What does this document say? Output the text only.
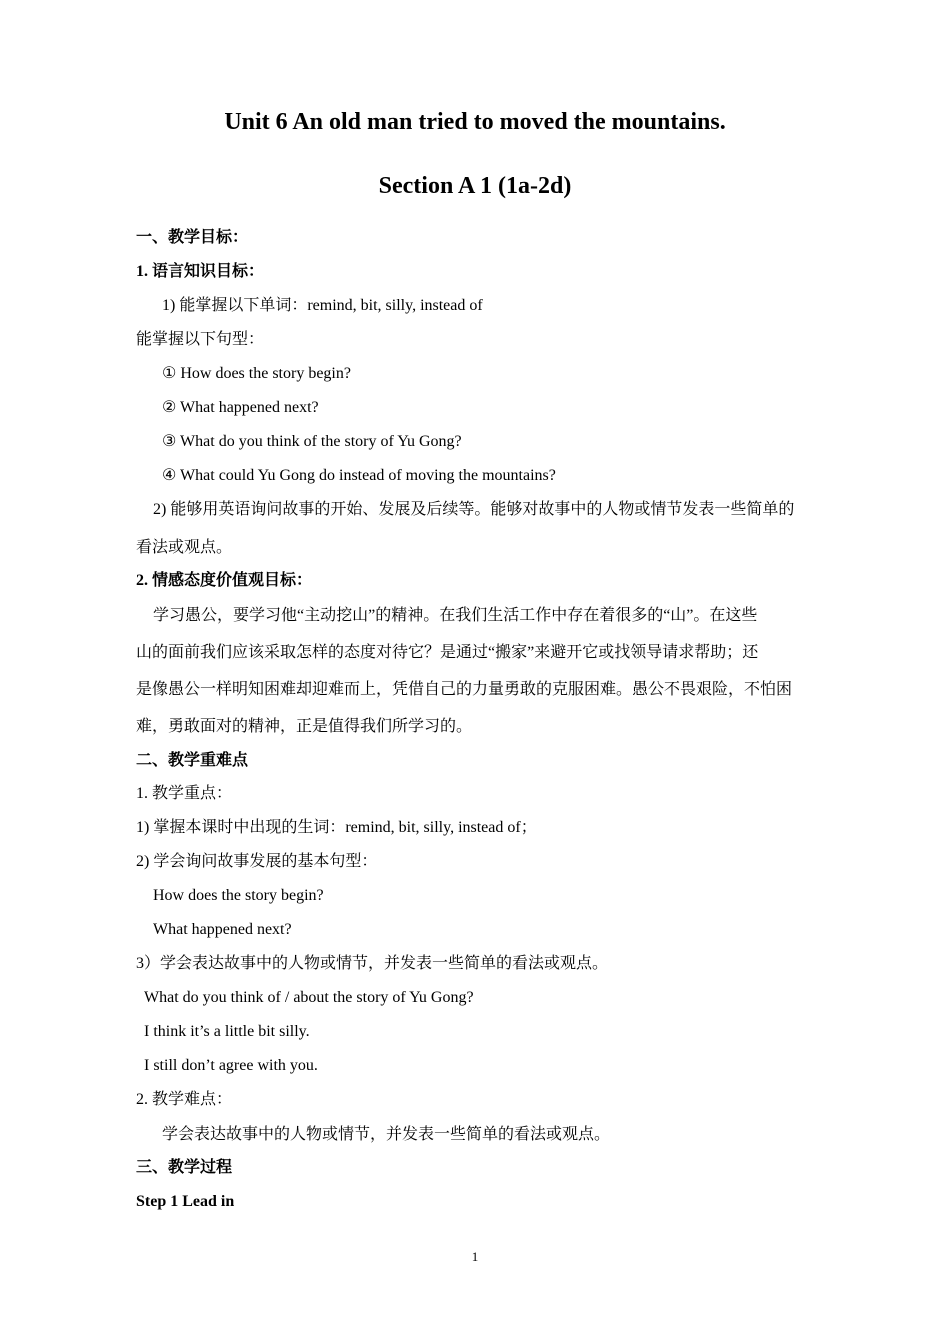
Unit 6 An old man tried to moved the mountains.
Section A 1 (1a-2d)
一、教学目标：
1. 语言知识目标：
1) 能掌握以下单词：remind, bit, silly, instead of
能掌握以下句型：
① How does the story begin?
② What happened next?
③ What do you think of the story of Yu Gong?
④ What could Yu Gong do instead of moving the mountains?
2) 能够用英语询问故事的开始、发展及后续等。能够对故事中的人物或情节发表一些简单的
看法或观点。
2. 情感态度价值观目标：
学习愚公，要学习他“主动挖山”的精神。在我们生活工作中存在着很多的“山”。在这些
山的面前我们应该采取怎样的态度对待它？是通过“搬家”来避开它或找领导请求帮助；还
是像愚公一样明知困难却迎难而上，凭借自己的力量勇敢的克服困难。愚公不畏艰险，不怕困
难，勇敢面对的精神，正是值得我们所学习的。
二、教学重难点
1. 教学重点：
1) 掌握本课时中出现的生词：remind, bit, silly, instead of；
2) 学会询问故事发展的基本句型：
How does the story begin?
What happened next?
3）学会表达故事中的人物或情节，并发表一些简单的看法或观点。
What do you think of / about the story of Yu Gong?
I think it’s a little bit silly.
I still don’t agree with you.
2. 教学难点：
学会表达故事中的人物或情节，并发表一些简单的看法或观点。
三、教学过程
Step 1 Lead in
1
